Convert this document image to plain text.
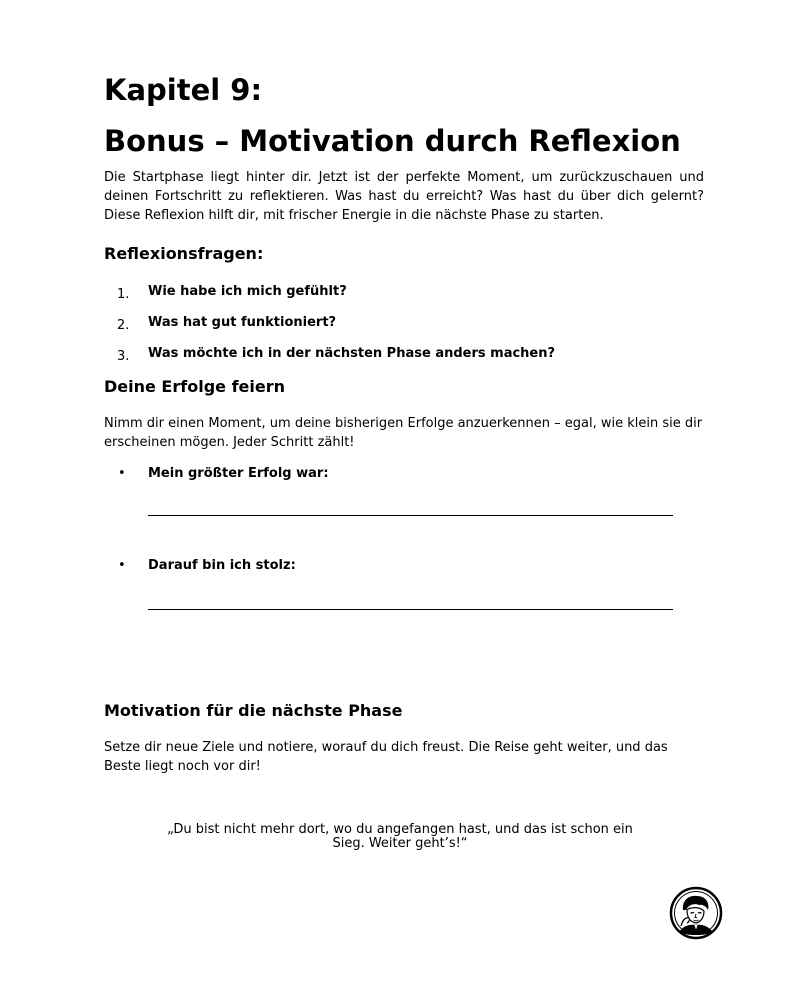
Kapitel 9:
Bonus – Motivation durch Reflexion

Die Startphase liegt hinter dir. Jetzt ist der perfekte Moment, um zurückzuschauen und deinen Fortschritt zu reflektieren. Was hast du erreicht? Was hast du über dich gelernt? Diese Reflexion hilft dir, mit frischer Energie in die nächste Phase zu starten.

Reflexionsfragen:
1. Wie habe ich mich gefühlt?
2. Was hat gut funktioniert?
3. Was möchte ich in der nächsten Phase anders machen?
Deine Erfolge feiern

Nimm dir einen Moment, um deine bisherigen Erfolge anzuerkennen – egal, wie klein sie dir erscheinen mögen. Jeder Schritt zählt!

• Mein größter Erfolg war:
• Darauf bin ich stolz:
Motivation für die nächste Phase

Setze dir neue Ziele und notiere, worauf du dich freust. Die Reise geht weiter, und das Beste liegt noch vor dir!

„Du bist nicht mehr dort, wo du angefangen hast, und das ist schon ein Sieg. Weiter geht’s!“
